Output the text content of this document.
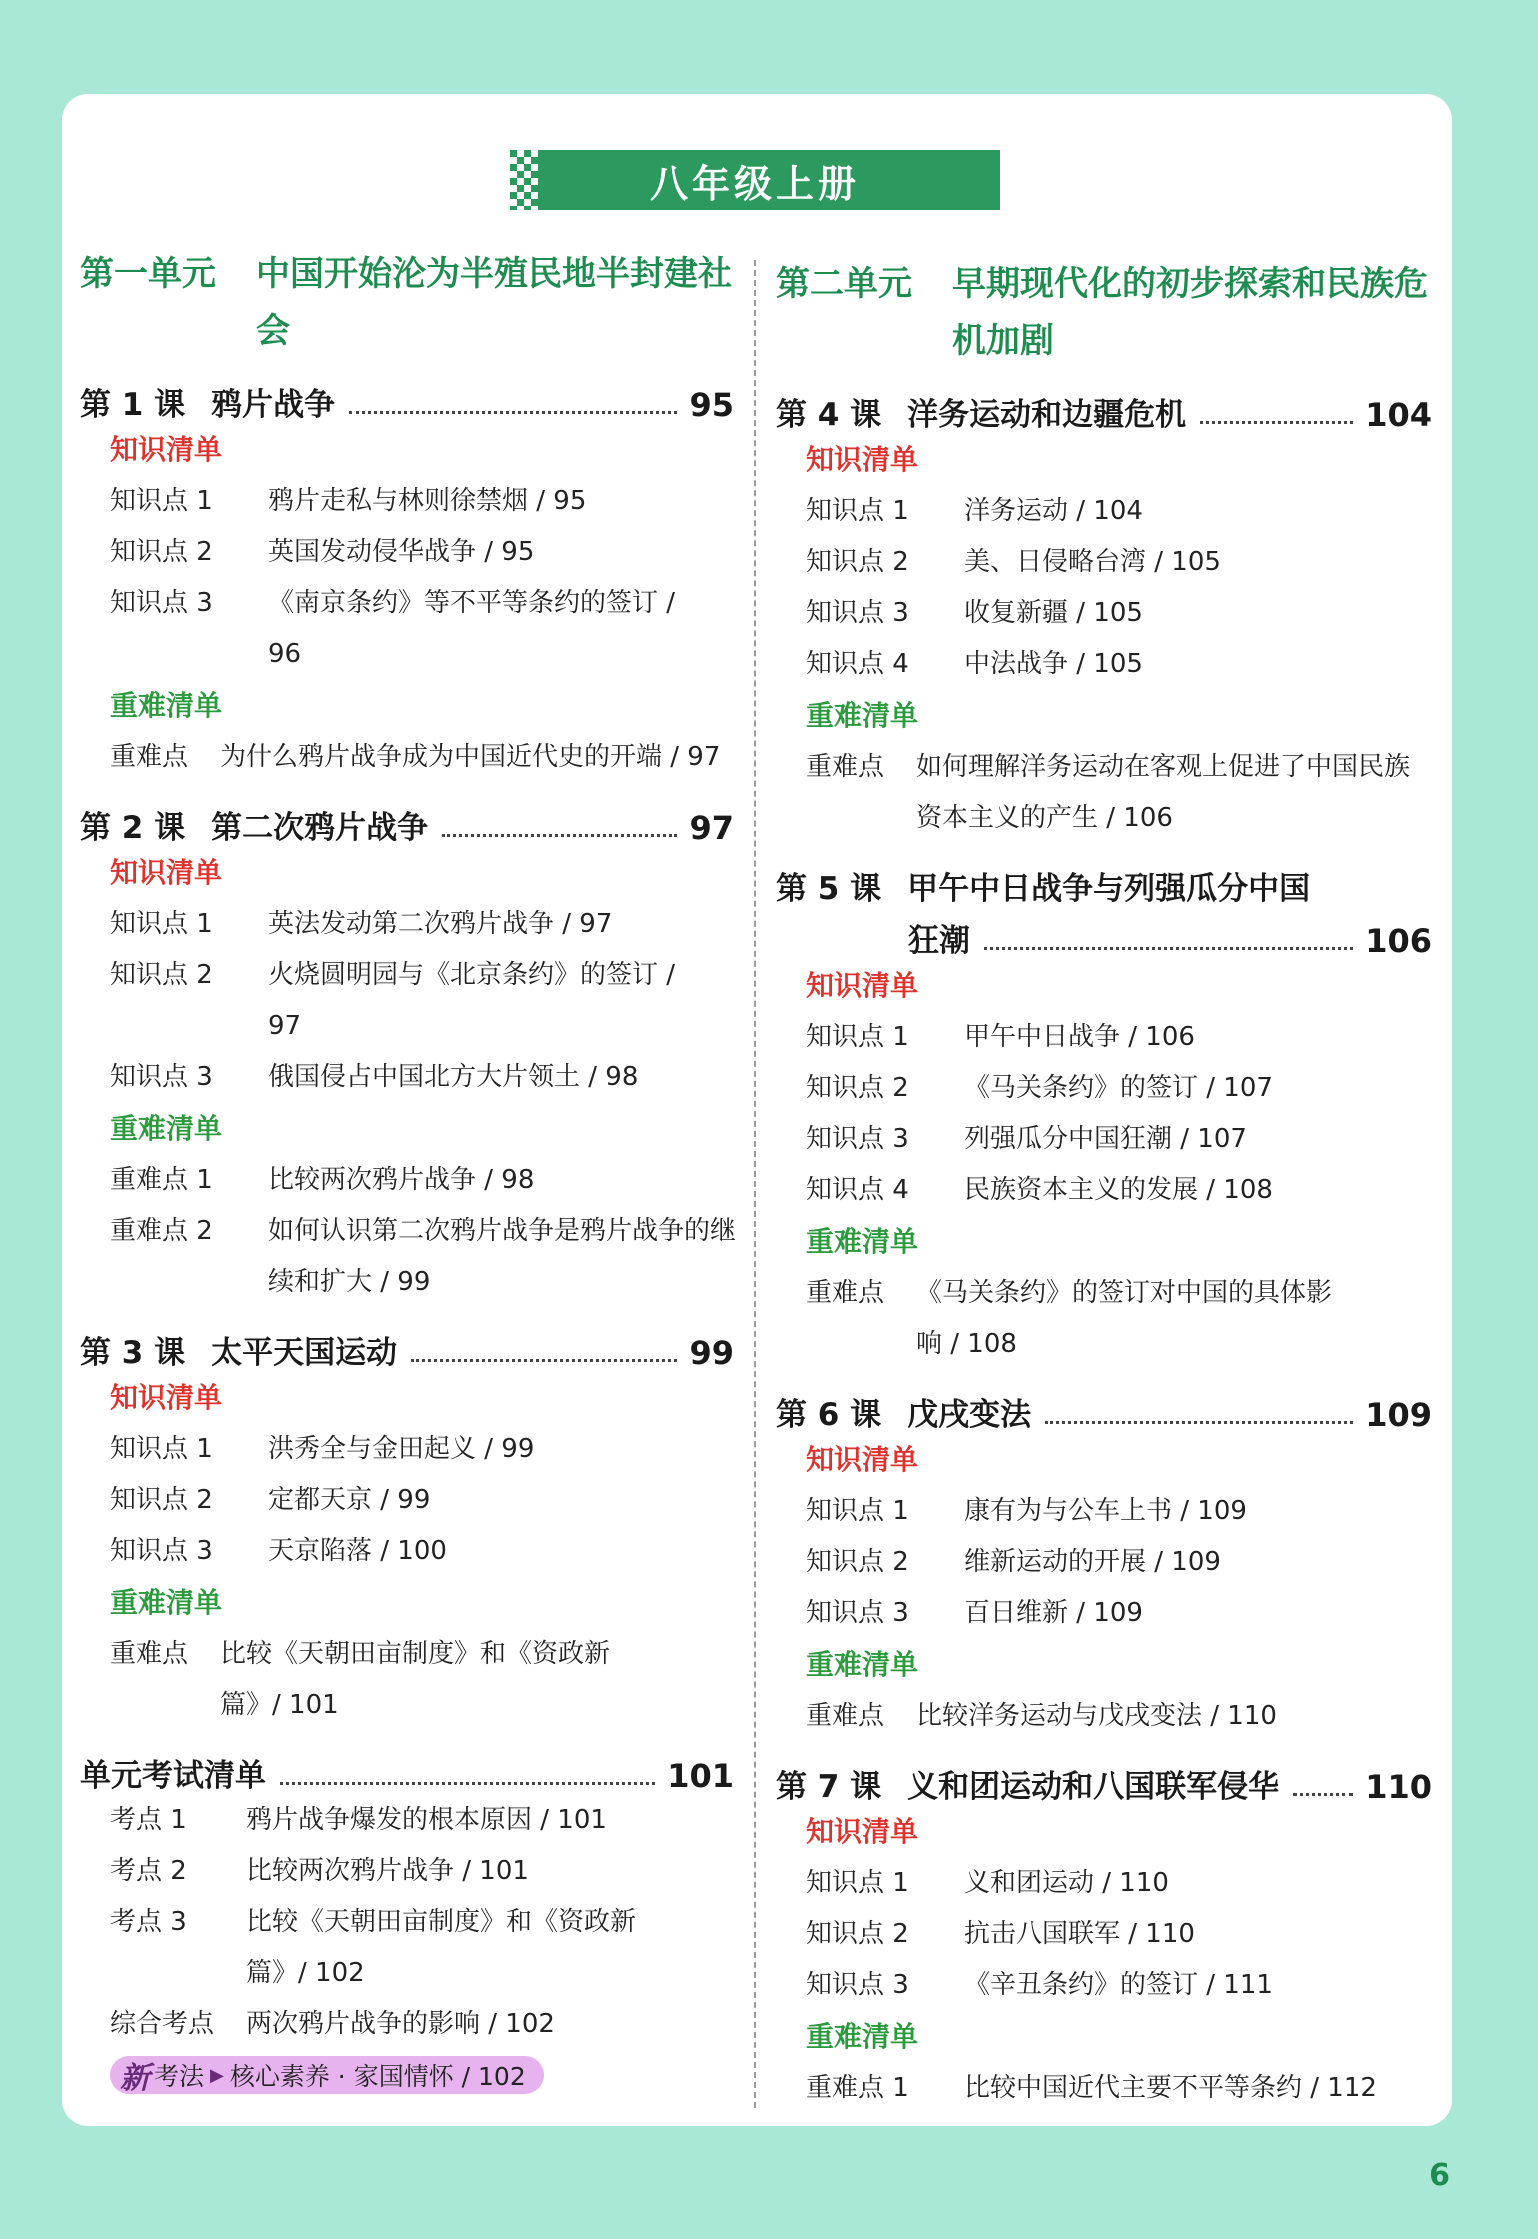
八年级上册
第一单元 中国开始沦为半殖民地半封建社会
第 1 课 鸦片战争	95
知识清单
知识点 1 鸦片走私与林则徐禁烟 / 95
知识点 2 英国发动侵华战争 / 95
知识点 3 《南京条约》等不平等条约的签订 / 96
重难清单
重难点 为什么鸦片战争成为中国近代史的开端 / 97
第 2 课 第二次鸦片战争	97
知识清单
知识点 1 英法发动第二次鸦片战争 / 97
知识点 2 火烧圆明园与《北京条约》的签订 / 97
知识点 3 俄国侵占中国北方大片领土 / 98
重难清单
重难点 1 比较两次鸦片战争 / 98
重难点 2 如何认识第二次鸦片战争是鸦片战争的继续和扩大 / 99
第 3 课 太平天国运动	99
知识清单
知识点 1 洪秀全与金田起义 / 99
知识点 2 定都天京 / 99
知识点 3 天京陷落 / 100
重难清单
重难点 比较《天朝田亩制度》和《资政新篇》/ 101
单元考试清单	101
考点 1 鸦片战争爆发的根本原因 / 101
考点 2 比较两次鸦片战争 / 101
考点 3 比较《天朝田亩制度》和《资政新篇》/ 102
综合考点 两次鸦片战争的影响 / 102
新 考法 ▶ 核心素养 · 家国情怀 / 102
第二单元 早期现代化的初步探索和民族危机加剧
第 4 课 洋务运动和边疆危机	104
知识清单
知识点 1 洋务运动 / 104
知识点 2 美、日侵略台湾 / 105
知识点 3 收复新疆 / 105
知识点 4 中法战争 / 105
重难清单
重难点 如何理解洋务运动在客观上促进了中国民族资本主义的产生 / 106
第 5 课 甲午中日战争与列强瓜分中国
狂潮	106
知识清单
知识点 1 甲午中日战争 / 106
知识点 2 《马关条约》的签订 / 107
知识点 3 列强瓜分中国狂潮 / 107
知识点 4 民族资本主义的发展 / 108
重难清单
重难点 《马关条约》的签订对中国的具体影响 / 108
第 6 课 戊戌变法	109
知识清单
知识点 1 康有为与公车上书 / 109
知识点 2 维新运动的开展 / 109
知识点 3 百日维新 / 109
重难清单
重难点 比较洋务运动与戊戌变法 / 110
第 7 课 义和团运动和八国联军侵华	110
知识清单
知识点 1 义和团运动 / 110
知识点 2 抗击八国联军 / 110
知识点 3 《辛丑条约》的签订 / 111
重难清单
重难点 1 比较中国近代主要不平等条约 / 112
6
